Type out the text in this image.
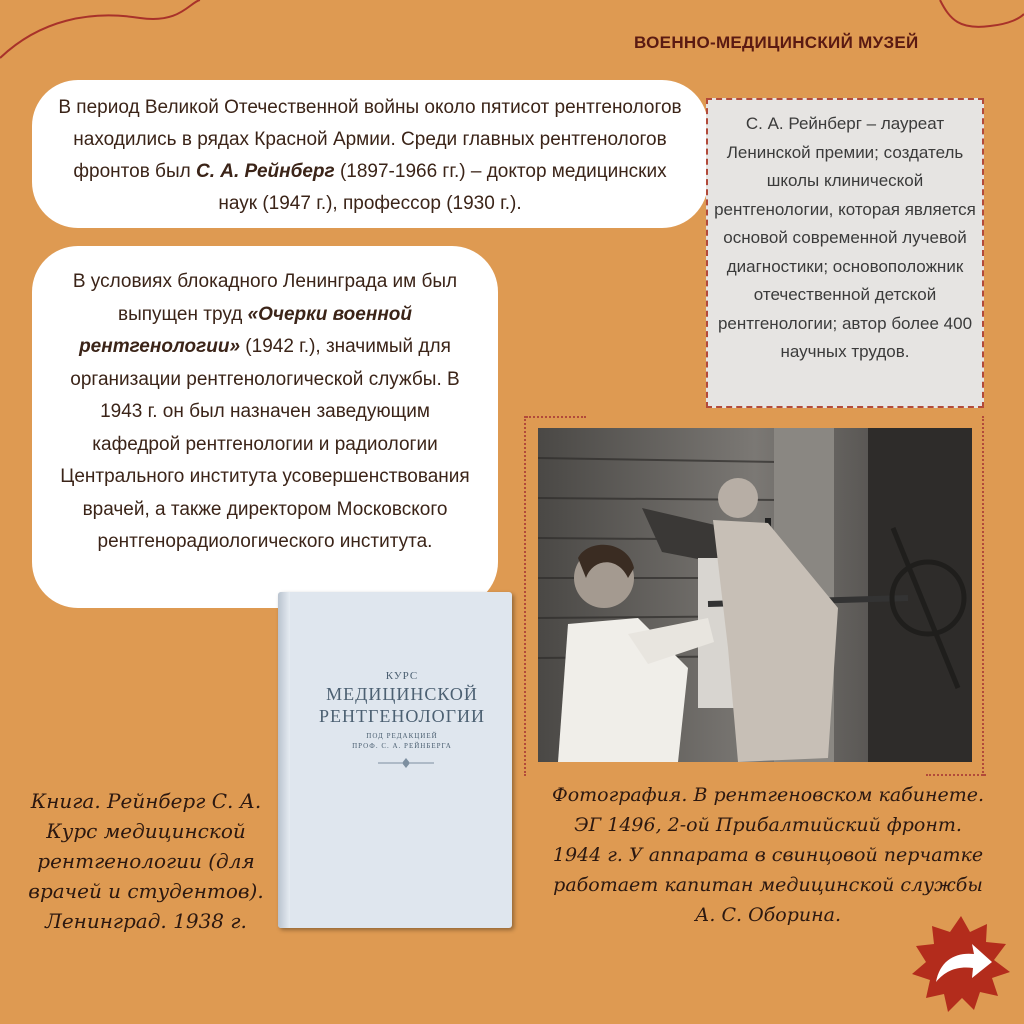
ВОЕННО-МЕДИЦИНСКИЙ МУЗЕЙ
В период Великой Отечественной войны около пятисот рентгенологов находились в рядах Красной Армии. Среди главных рентгенологов фронтов был С. А. Рейнберг (1897-1966 гг.) – доктор медицинских наук (1947 г.), профессор (1930 г.).
В условиях блокадного Ленинграда им был выпущен труд «Очерки военной рентгенологии» (1942 г.), значимый для организации рентгенологической службы. В 1943 г. он был назначен заведующим кафедрой рентгенологии и радиологии Центрального института усовершенствования врачей, а также директором Московского рентгенорадиологического института.
С. А. Рейнберг – лауреат Ленинской премии; создатель школы клинической рентгенологии, которая является основой современной лучевой диагностики; основоположник отечественной детской рентгенологии; автор более 400 научных трудов.
КУРС
МЕДИЦИНСКОЙ
РЕНТГЕНОЛОГИИ
ПОД РЕДАКЦИЕЙ
ПРОФ. С. А. РЕЙНБЕРГА
Книга. Рейнберг С. А. Курс медицинской рентгенологии (для врачей и студентов). Ленинград. 1938 г.
Фотография. В рентгеновском кабинете. ЭГ 1496, 2-ой Прибалтийский фронт. 1944 г. У аппарата в свинцовой перчатке работает капитан медицинской службы А. С. Оборина.
